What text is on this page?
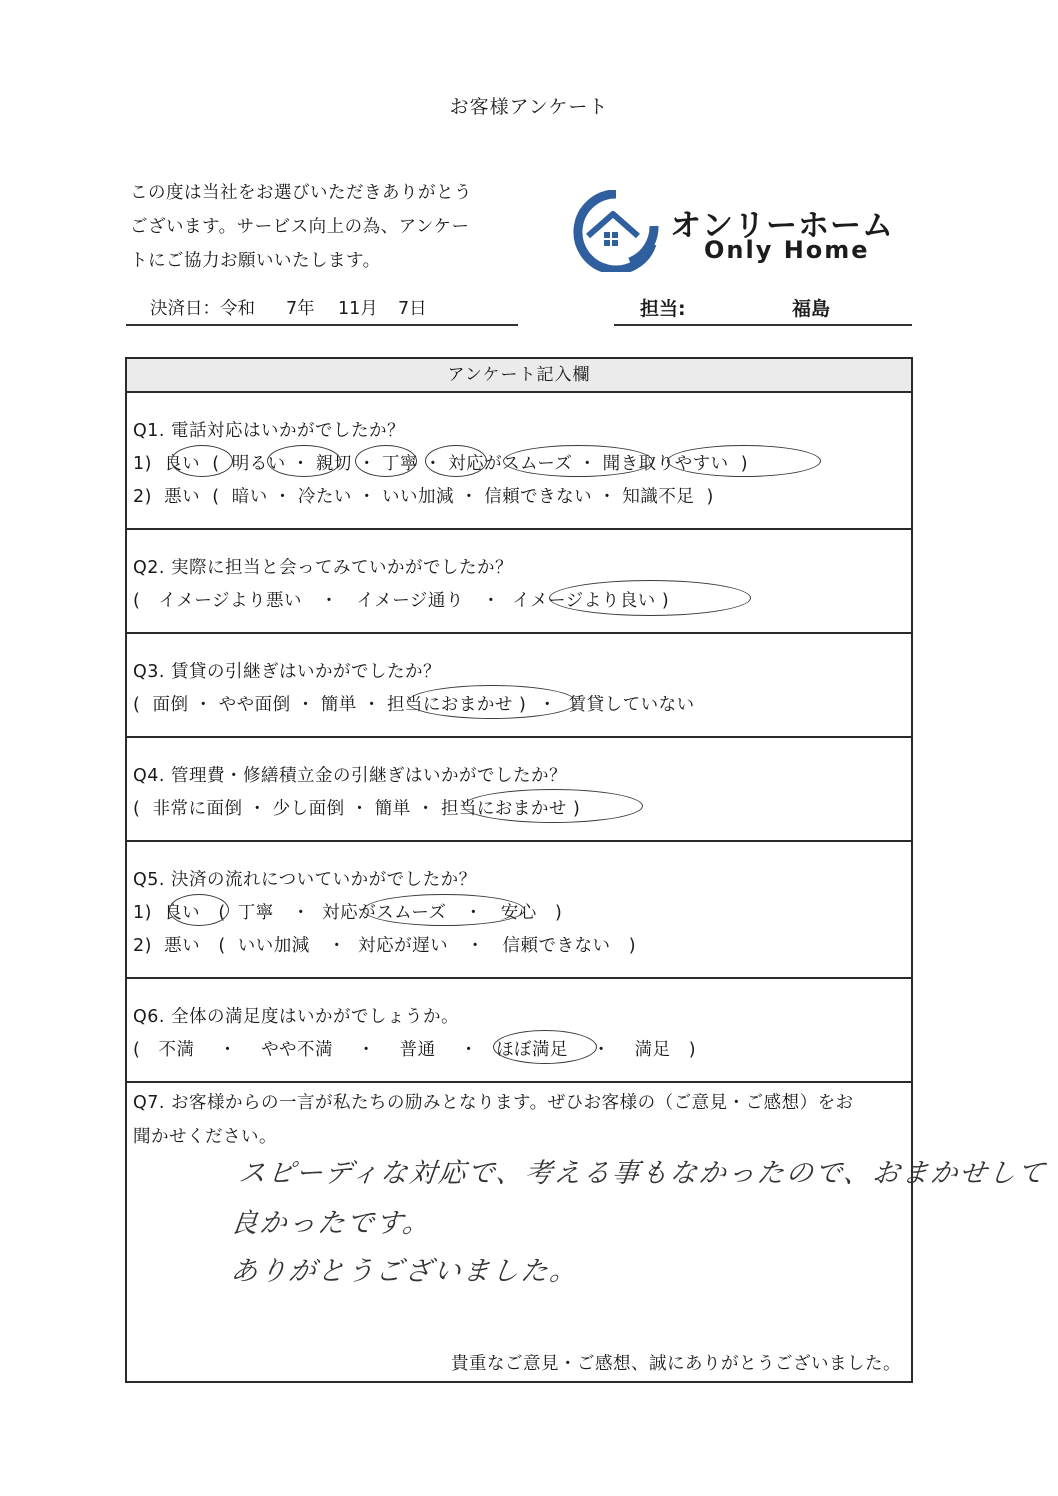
お客様アンケート
この度は当社をお選びいただきありがとう
ございます。サービス向上の為、アンケー
トにご協力お願いいたします。
オンリーホーム
Only Home
決済日：令和 7年 11月 7日	担当:	福島
アンケート記入欄
Q1. 電話対応はいかがでしたか？
1) 良い ( 明るい ・ 親切 ・ 丁寧 ・ 対応がスムーズ ・ 聞き取りやすい )
2) 悪い ( 暗い ・ 冷たい ・ いい加減 ・ 信頼できない ・ 知識不足 )
Q2. 実際に担当と会ってみていかがでしたか？
( イメージより悪い ・ イメージ通り ・ イメージより良い )
Q3. 賃貸の引継ぎはいかがでしたか？
( 面倒 ・ やや面倒 ・ 簡単 ・ 担当におまかせ ) ・ 賃貸していない
Q4. 管理費・修繕積立金の引継ぎはいかがでしたか？
( 非常に面倒 ・ 少し面倒 ・ 簡単 ・ 担当におまかせ )
Q5. 決済の流れについていかがでしたか？
1) 良い ( 丁寧 ・ 対応がスムーズ ・ 安心 )
2) 悪い ( いい加減 ・ 対応が遅い ・ 信頼できない )
Q6. 全体の満足度はいかがでしょうか。
( 不満 ・ やや不満 ・ 普通 ・ ほぼ満足 ・ 満足 )
Q7. お客様からの一言が私たちの励みとなります。ぜひお客様の（ご意見・ご感想）をお
聞かせください。
スピーディな対応で、考える事もなかったので、おまかせして
良かったです。
ありがとうございました。
貴重なご意見・ご感想、誠にありがとうございました。
